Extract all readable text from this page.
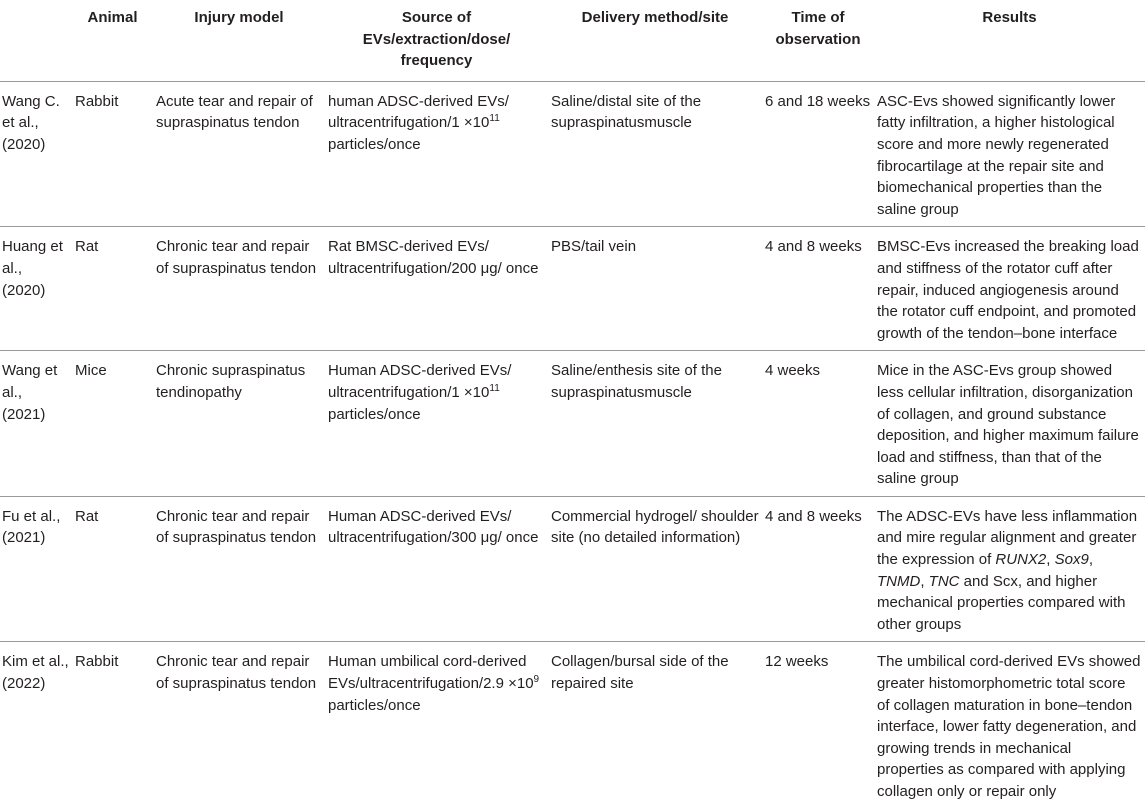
	Animal	Injury model	Source of EVs/extraction/dose/ frequency	Delivery method/site	Time of observation	Results
Wang C. et al., (2020)	Rabbit	Acute tear and repair of supraspinatus tendon	human ADSC-derived EVs/ ultracentrifugation/1 $\times 10^{11}$ particles/once	Saline/distal site of the supraspinatusmuscle	6 and 18 weeks	ASC-Evs showed significantly lower fatty infiltration, a higher histological score and more newly regenerated fibrocartilage at the repair site and biomechanical properties than the saline group
Huang et al., (2020)	Rat	Chronic tear and repair of supraspinatus tendon	Rat BMSC-derived EVs/ ultracentrifugation/200 μg/ once	PBS/tail vein	4 and 8 weeks	BMSC-Evs increased the breaking load and stiffness of the rotator cuff after repair, induced angiogenesis around the rotator cuff endpoint, and promoted growth of the tendon–bone interface
Wang et al., (2021)	Mice	Chronic supraspinatus tendinopathy	Human ADSC-derived EVs/ ultracentrifugation/1 $\times 10^{11}$ particles/once	Saline/enthesis site of the supraspinatusmuscle	4 weeks	Mice in the ASC-Evs group showed less cellular infiltration, disorganization of collagen, and ground substance deposition, and higher maximum failure load and stiffness, than that of the saline group
Fu et al., (2021)	Rat	Chronic tear and repair of supraspinatus tendon	Human ADSC-derived EVs/ ultracentrifugation/300 μg/ once	Commercial hydrogel/ shoulder site (no detailed information)	4 and 8 weeks	The ADSC-EVs have less inflammation and mire regular alignment and greater the expression of RUNX2, Sox9, TNMD, TNC and Scx, and higher mechanical properties compared with other groups
Kim et al., (2022)	Rabbit	Chronic tear and repair of supraspinatus tendon	Human umbilical cord-derived EVs/ultracentrifugation/2.9 $\times 10^9$ particles/once	Collagen/bursal side of the repaired site	12 weeks	The umbilical cord-derived EVs showed greater histomorphometric total score of collagen maturation in bone–tendon interface, lower fatty degeneration, and growing trends in mechanical properties as compared with applying collagen only or repair only
